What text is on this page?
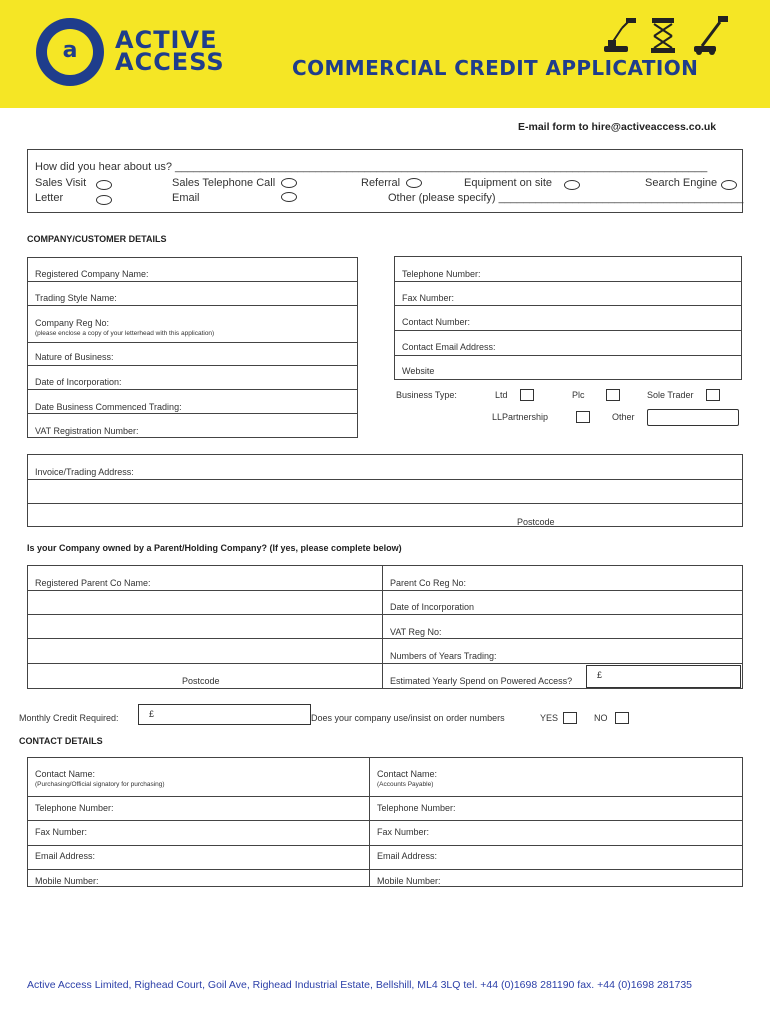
a ACTIVE
ACCESS	COMMERCIAL CREDIT APPLICATION
E-mail form to hire@activeaccess.co.uk
How did you hear about us? _______________________________________________________________________________________
Sales Visit	Sales Telephone Call	Referral	Equipment on site	Search Engine
Letter	Email	Other (please specify) ________________________________________
COMPANY/CUSTOMER DETAILS
Registered Company Name:
Trading Style Name:
Company Reg No:
(please enclose a copy of your letterhead with this application)
Nature of Business:
Date of Incorporation:
Date Business Commenced Trading:
VAT Registration Number:
Telephone Number:
Fax Number:
Contact Number:
Contact Email Address:
Website
Business Type:	Ltd	Plc	Sole Trader
LLPartnership	Other
Invoice/Trading Address:
Postcode
Is your Company owned by a Parent/Holding Company? (If yes, please complete below)
Registered Parent Co Name:	Parent Co Reg No:
Date of Incorporation
VAT Reg No:
Numbers of Years Trading:
Postcode	Estimated Yearly Spend on Powered Access?
£
Monthly Credit Required:	£	Does your company use/insist on order numbers	YES	NO
CONTACT DETAILS
Contact Name:
(Purchasing/Official signatory for purchasing)
Telephone Number:
Fax Number:
Email Address:
Mobile Number:
Contact Name:
(Accounts Payable)
Telephone Number:
Fax Number:
Email Address:
Mobile Number:
Active Access Limited, Righead Court, Goil Ave, Righead Industrial Estate, Bellshill, ML4 3LQ tel. +44 (0)1698 281190 fax. +44 (0)1698 281735
